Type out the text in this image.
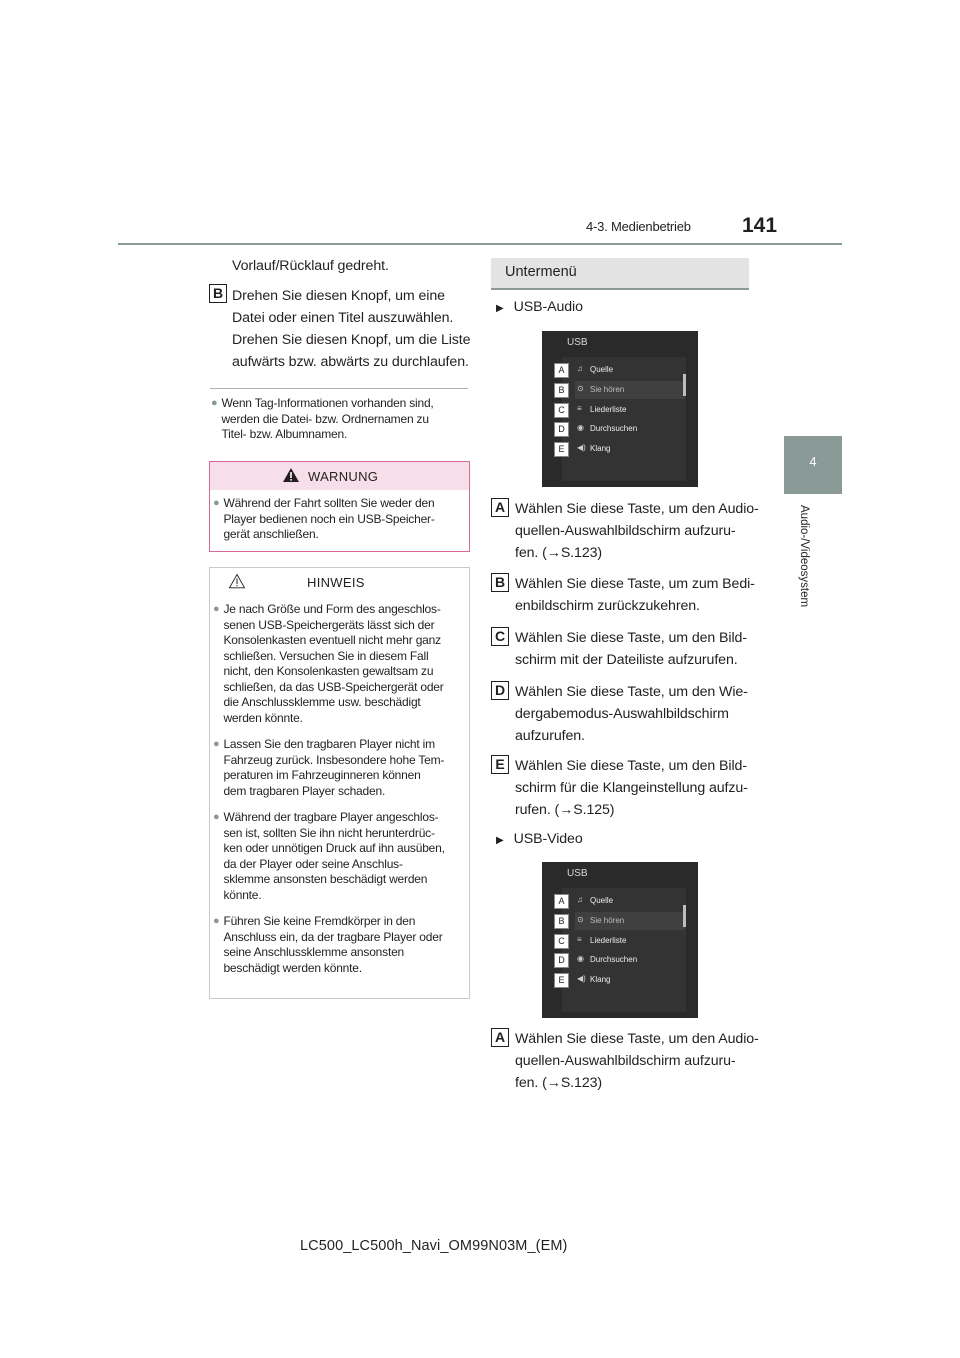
4-3. Medienbetrieb 141
4
Audio-/Videosystem
Vorlauf/Rücklauf gedreht.
B Drehen Sie diesen Knopf, um eine
Datei oder einen Titel auszuwählen.
Drehen Sie diesen Knopf, um die Liste
aufwärts bzw. abwärts zu durchlaufen.
● Wenn Tag-Informationen vorhanden sind,
werden die Datei- bzw. Ordnernamen zu
Titel- bzw. Albumnamen.
WARNUNG
● Während der Fahrt sollten Sie weder den
Player bedienen noch ein USB-Speicher-
gerät anschließen.
HINWEIS
● Je nach Größe und Form des angeschlos-
senen USB-Speichergeräts lässt sich der
Konsolenkasten eventuell nicht mehr ganz
schließen. Versuchen Sie in diesem Fall
nicht, den Konsolenkasten gewaltsam zu
schließen, da das USB-Speichergerät oder
die Anschlussklemme usw. beschädigt
werden könnte.
● Lassen Sie den tragbaren Player nicht im
Fahrzeug zurück. Insbesondere hohe Tem-
peraturen im Fahrzeuginneren können
dem tragbaren Player schaden.
● Während der tragbare Player angeschlos-
sen ist, sollten Sie ihn nicht herunterdrüc-
ken oder unnötigen Druck auf ihn ausüben,
da der Player oder seine Anschlus-
sklemme ansonsten beschädigt werden
könnte.
● Führen Sie keine Fremdkörper in den
Anschluss ein, da der tragbare Player oder
seine Anschlussklemme ansonsten
beschädigt werden könnte.
Untermenü
▶ USB-Audio
USB
A	♫ Quelle
B	⊙ Sie hören
C	≡ Liederliste
D	◉ Durchsuchen
E	◀) Klang
A Wählen Sie diese Taste, um den Audio-
quellen-Auswahlbildschirm aufzuru-
fen. (→S.123)
B Wählen Sie diese Taste, um zum Bedi-
enbildschirm zurückzukehren.
C Wählen Sie diese Taste, um den Bild-
schirm mit der Dateiliste aufzurufen.
D Wählen Sie diese Taste, um den Wie-
dergabemodus-Auswahlbildschirm
aufzurufen.
E Wählen Sie diese Taste, um den Bild-
schirm für die Klangeinstellung aufzu-
rufen. (→S.125)
▶ USB-Video
USB
A	♫ Quelle
B	⊙ Sie hören
C	≡ Liederliste
D	◉ Durchsuchen
E	◀) Klang
A Wählen Sie diese Taste, um den Audio-
quellen-Auswahlbildschirm aufzuru-
fen. (→S.123)
LC500_LC500h_Navi_OM99N03M_(EM)
